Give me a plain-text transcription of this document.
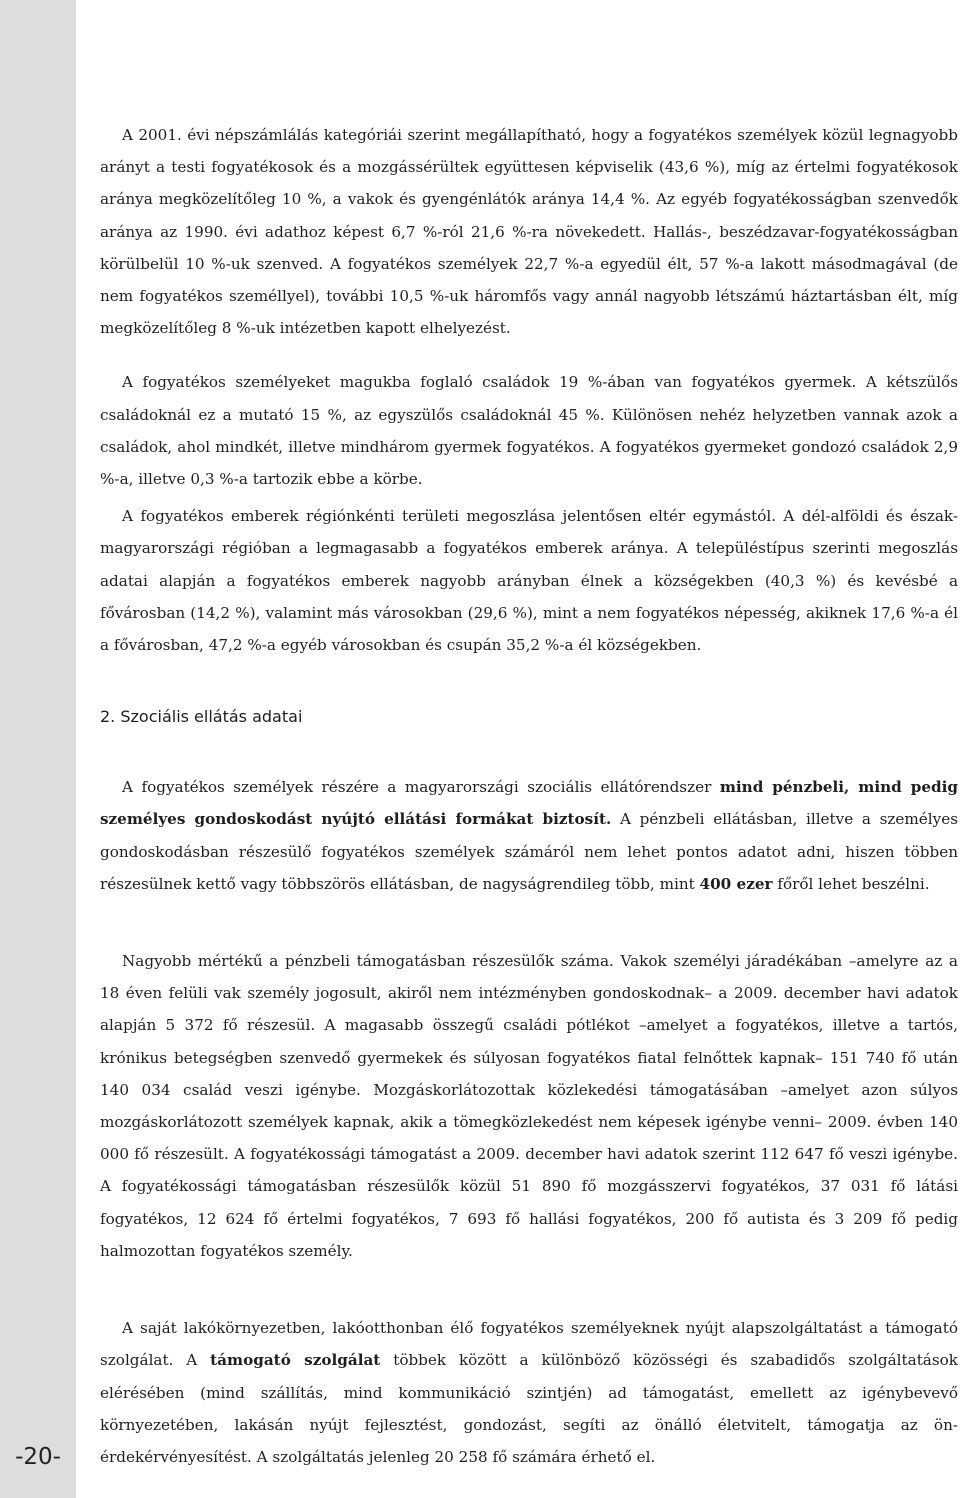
-20-

A 2001. évi népszámlálás kategóriái szerint megállapítható, hogy a fogyatékos személyek közül legnagyobb arányt a testi fogyatékosok és a mozgássérültek együttesen képviselik (43,6 %), míg az értelmi fogyatékosok aránya megközelítőleg 10 %, a vakok és gyengénlátók aránya 14,4 %. Az egyéb fogyatékosságban szenvedők aránya az 1990. évi adathoz képest 6,7 %-ról 21,6 %-ra növekedett. Hallás-, beszédzavar-fogyatékosságban körülbelül 10 %-uk szenved. A fogyatékos személyek 22,7 %-a egyedül élt, 57 %-a lakott másodmagával (de nem fogyatékos személlyel), további 10,5 %-uk háromfős vagy annál nagyobb létszámú háztartásban élt, míg megközelítőleg 8 %-uk intézetben kapott elhelyezést.

A fogyatékos személyeket magukba foglaló családok 19 %-ában van fogyatékos gyermek. A kétszülős családoknál ez a mutató 15 %, az egyszülős családoknál 45 %. Különösen nehéz helyzetben vannak azok a családok, ahol mindkét, illetve mindhárom gyermek fogyatékos. A fogyatékos gyermeket gondozó családok 2,9 %-a, illetve 0,3 %-a tartozik ebbe a körbe.

A fogyatékos emberek régiónkénti területi megoszlása jelentősen eltér egymástól. A dél-alföldi és észak-magyarországi régióban a legmagasabb a fogyatékos emberek aránya. A településtípus szerinti megoszlás adatai alapján a fogyatékos emberek nagyobb arányban élnek a községekben (40,3 %) és kevésbé a fővárosban (14,2 %), valamint más városokban (29,6 %), mint a nem fogyatékos népesség, akiknek 17,6 %-a él a fővárosban, 47,2 %-a egyéb városokban és csupán 35,2 %-a él községekben.

2. Szociális ellátás adatai

A fogyatékos személyek részére a magyarországi szociális ellátórendszer mind pénzbeli, mind pedig személyes gondoskodást nyújtó ellátási formákat biztosít. A pénzbeli ellátásban, illetve a személyes gondoskodásban részesülő fogyatékos személyek számáról nem lehet pontos adatot adni, hiszen többen részesülnek kettő vagy többszörös ellátásban, de nagyságrendileg több, mint 400 ezer főről lehet beszélni.

Nagyobb mértékű a pénzbeli támogatásban részesülők száma. Vakok személyi járadékában –amelyre az a 18 éven felüli vak személy jogosult, akiről nem intézményben gondoskodnak– a 2009. december havi adatok alapján 5 372 fő részesül. A magasabb összegű családi pótlékot –amelyet a fogyatékos, illetve a tartós, krónikus betegségben szenvedő gyermekek és súlyosan fogyatékos fiatal felnőttek kapnak– 151 740 fő után 140 034 család veszi igénybe. Mozgáskorlátozottak közlekedési támogatásában –amelyet azon súlyos mozgáskorlátozott személyek kapnak, akik a tömegközlekedést nem képesek igénybe venni– 2009. évben 140 000 fő részesült. A fogyatékossági támogatást a 2009. december havi adatok szerint 112 647 fő veszi igénybe. A fogyatékossági támogatásban részesülők közül 51 890 fő mozgásszervi fogyatékos, 37 031 fő látási fogyatékos, 12 624 fő értelmi fogyatékos, 7 693 fő hallási fogyatékos, 200 fő autista és 3 209 fő pedig halmozottan fogyatékos személy.

A saját lakókörnyezetben, lakóotthonban élő fogyatékos személyeknek nyújt alapszolgáltatást a támogató szolgálat. A támogató szolgálat többek között a különböző közösségi és szabadidős szolgáltatások elérésében (mind szállítás, mind kommunikáció szintjén) ad támogatást, emellett az igénybevevő környezetében, lakásán nyújt fejlesztést, gondozást, segíti az önálló életvitelt, támogatja az ön-érdekérvényesítést. A szolgáltatás jelenleg 20 258 fő számára érhető el.
